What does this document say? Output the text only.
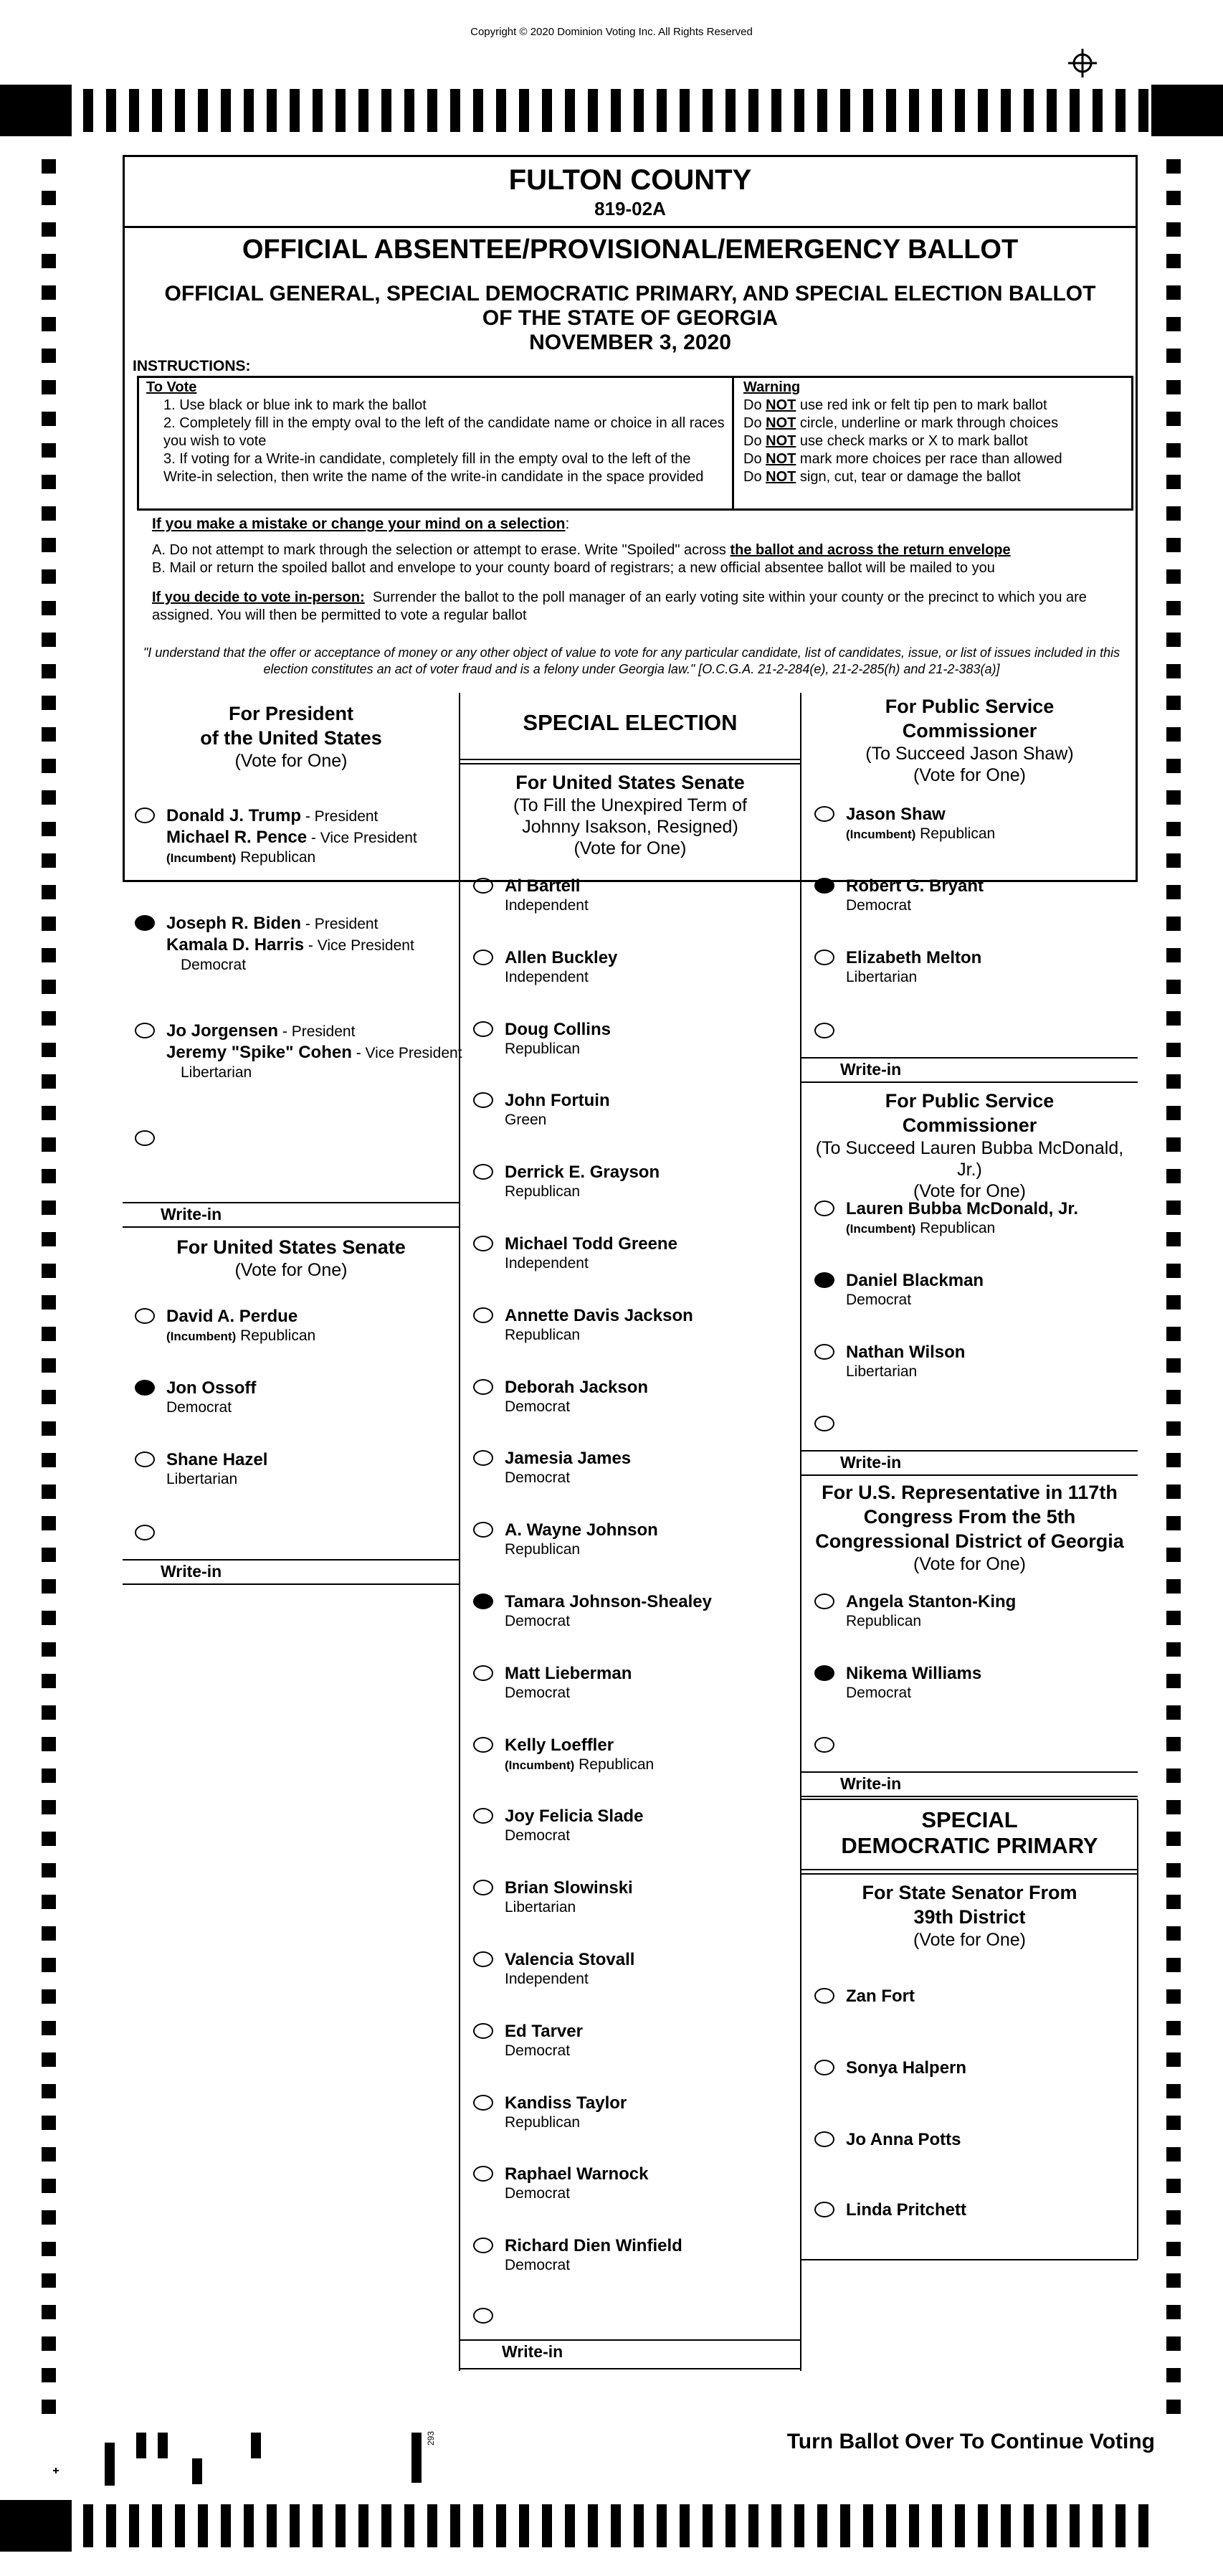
Copyright © 2020 Dominion Voting Inc. All Rights Reserved
FULTON COUNTY
819-02A
OFFICIAL ABSENTEE/PROVISIONAL/EMERGENCY BALLOT
OFFICIAL GENERAL, SPECIAL DEMOCRATIC PRIMARY, AND SPECIAL ELECTION BALLOT
OF THE STATE OF GEORGIA
NOVEMBER 3, 2020
INSTRUCTIONS:
To Vote
1. Use black or blue ink to mark the ballot
2. Completely fill in the empty oval to the left of the candidate name or choice in all races you wish to vote
3. If voting for a Write-in candidate, completely fill in the empty oval to the left of the Write-in selection, then write the name of the write-in candidate in the space provided
Warning
Do NOT use red ink or felt tip pen to mark ballot
Do NOT circle, underline or mark through choices
Do NOT use check marks or X to mark ballot
Do NOT mark more choices per race than allowed
Do NOT sign, cut, tear or damage the ballot
If you make a mistake or change your mind on a selection:
A. Do not attempt to mark through the selection or attempt to erase. Write "Spoiled" across the ballot and across the return envelope
B. Mail or return the spoiled ballot and envelope to your county board of registrars; a new official absentee ballot will be mailed to you
If you decide to vote in-person: Surrender the ballot to the poll manager of an early voting site within your county or the precinct to which you are assigned. You will then be permitted to vote a regular ballot
"I understand that the offer or acceptance of money or any other object of value to vote for any particular candidate, list of candidates, issue, or list of issues included in this election constitutes an act of voter fraud and is a felony under Georgia law." [O.C.G.A. 21-2-284(e), 21-2-285(h) and 21-2-383(a)]
For President
of the United States
(Vote for One)
Donald J. Trump - President
Michael R. Pence - Vice President
(Incumbent) Republican
Joseph R. Biden - President
Kamala D. Harris - Vice President
Democrat
Jo Jorgensen - President
Jeremy "Spike" Cohen - Vice President
Libertarian
Write-in
For United States Senate
(Vote for One)
David A. Perdue
(Incumbent) Republican
Jon Ossoff
Democrat
Shane Hazel
Libertarian
Write-in
SPECIAL ELECTION
For United States Senate
(To Fill the Unexpired Term of
Johnny Isakson, Resigned)
(Vote for One)
Al Bartell
Independent
Allen Buckley
Independent
Doug Collins
Republican
John Fortuin
Green
Derrick E. Grayson
Republican
Michael Todd Greene
Independent
Annette Davis Jackson
Republican
Deborah Jackson
Democrat
Jamesia James
Democrat
A. Wayne Johnson
Republican
Tamara Johnson-Shealey
Democrat
Matt Lieberman
Democrat
Kelly Loeffler
(Incumbent) Republican
Joy Felicia Slade
Democrat
Brian Slowinski
Libertarian
Valencia Stovall
Independent
Ed Tarver
Democrat
Kandiss Taylor
Republican
Raphael Warnock
Democrat
Richard Dien Winfield
Democrat
Write-in
For Public Service
Commissioner
(To Succeed Jason Shaw)
(Vote for One)
Jason Shaw
(Incumbent) Republican
Robert G. Bryant
Democrat
Elizabeth Melton
Libertarian
Write-in
For Public Service
Commissioner
(To Succeed Lauren Bubba McDonald, Jr.)
(Vote for One)
Lauren Bubba McDonald, Jr.
(Incumbent) Republican
Daniel Blackman
Democrat
Nathan Wilson
Libertarian
Write-in
For U.S. Representative in 117th
Congress From the 5th
Congressional District of Georgia
(Vote for One)
Angela Stanton-King
Republican
Nikema Williams
Democrat
Write-in
SPECIAL
DEMOCRATIC PRIMARY
For State Senator From
39th District
(Vote for One)
Zan Fort
Sonya Halpern
Jo Anna Potts
Linda Pritchett
293	Turn Ballot Over To Continue Voting
